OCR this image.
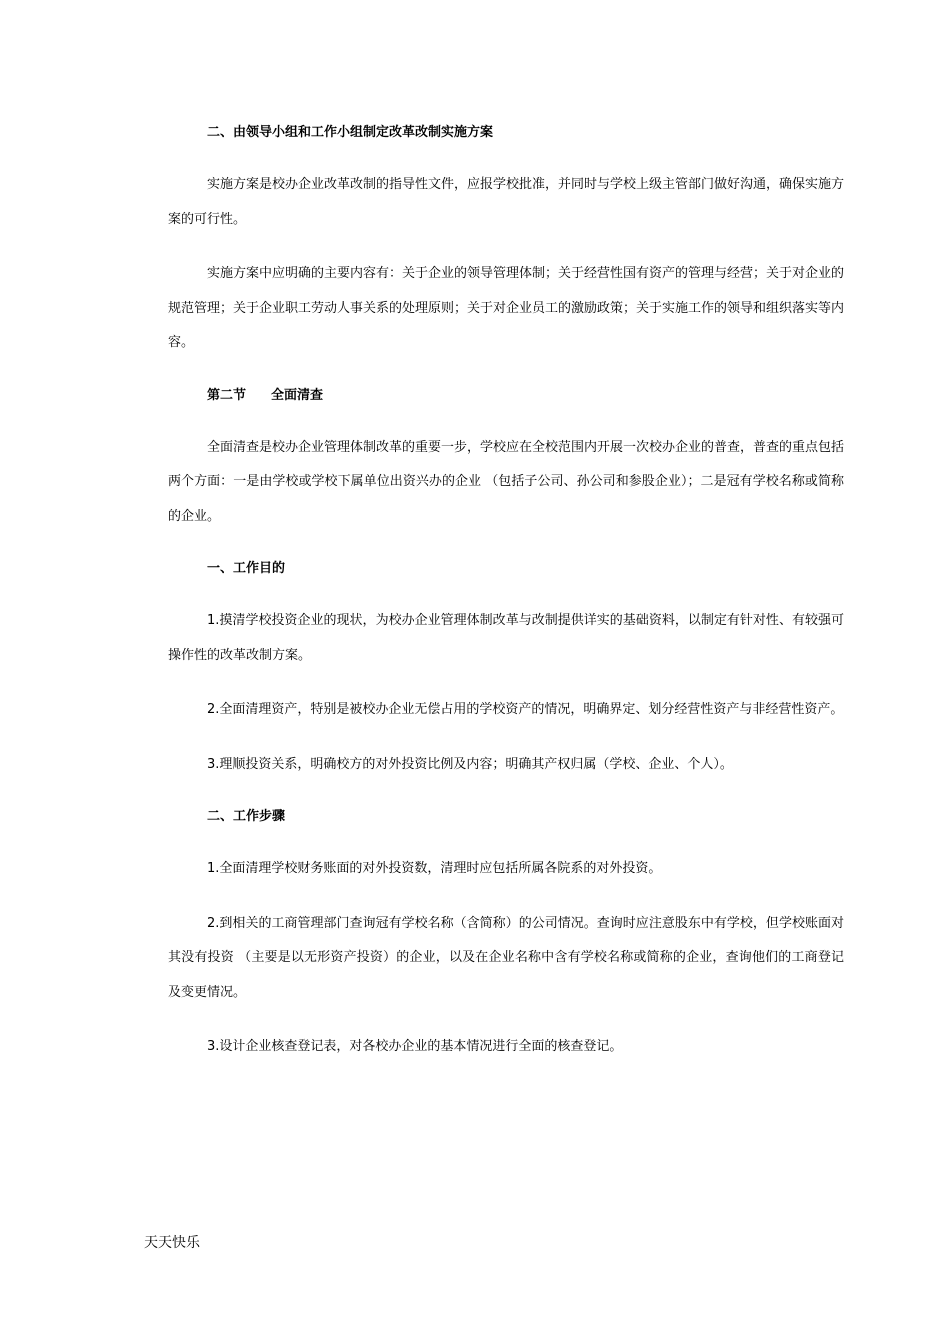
二、由领导小组和工作小组制定改革改制实施方案

实施方案是校办企业改革改制的指导性文件，应报学校批准，并同时与学校上级主管部门做好沟通，确保实施方案的可行性。

实施方案中应明确的主要内容有：关于企业的领导管理体制；关于经营性国有资产的管理与经营；关于对企业的规范管理；关于企业职工劳动人事关系的处理原则；关于对企业员工的激励政策；关于实施工作的领导和组织落实等内容。

第二节 全面清查

全面清查是校办企业管理体制改革的重要一步，学校应在全校范围内开展一次校办企业的普查，普查的重点包括两个方面：一是由学校或学校下属单位出资兴办的企业 （包括子公司、孙公司和参股企业）；二是冠有学校名称或简称的企业。

一、工作目的

1.摸清学校投资企业的现状，为校办企业管理体制改革与改制提供详实的基础资料，以制定有针对性、有较强可操作性的改革改制方案。

2.全面清理资产，特别是被校办企业无偿占用的学校资产的情况，明确界定、划分经营性资产与非经营性资产。

3.理顺投资关系，明确校方的对外投资比例及内容；明确其产权归属（学校、企业、个人）。

二、工作步骤

1.全面清理学校财务账面的对外投资数，清理时应包括所属各院系的对外投资。

2.到相关的工商管理部门查询冠有学校名称（含简称）的公司情况。查询时应注意股东中有学校，但学校账面对其没有投资 （主要是以无形资产投资）的企业，以及在企业名称中含有学校名称或简称的企业，查询他们的工商登记及变更情况。

3.设计企业核查登记表，对各校办企业的基本情况进行全面的核查登记。

天天快乐
